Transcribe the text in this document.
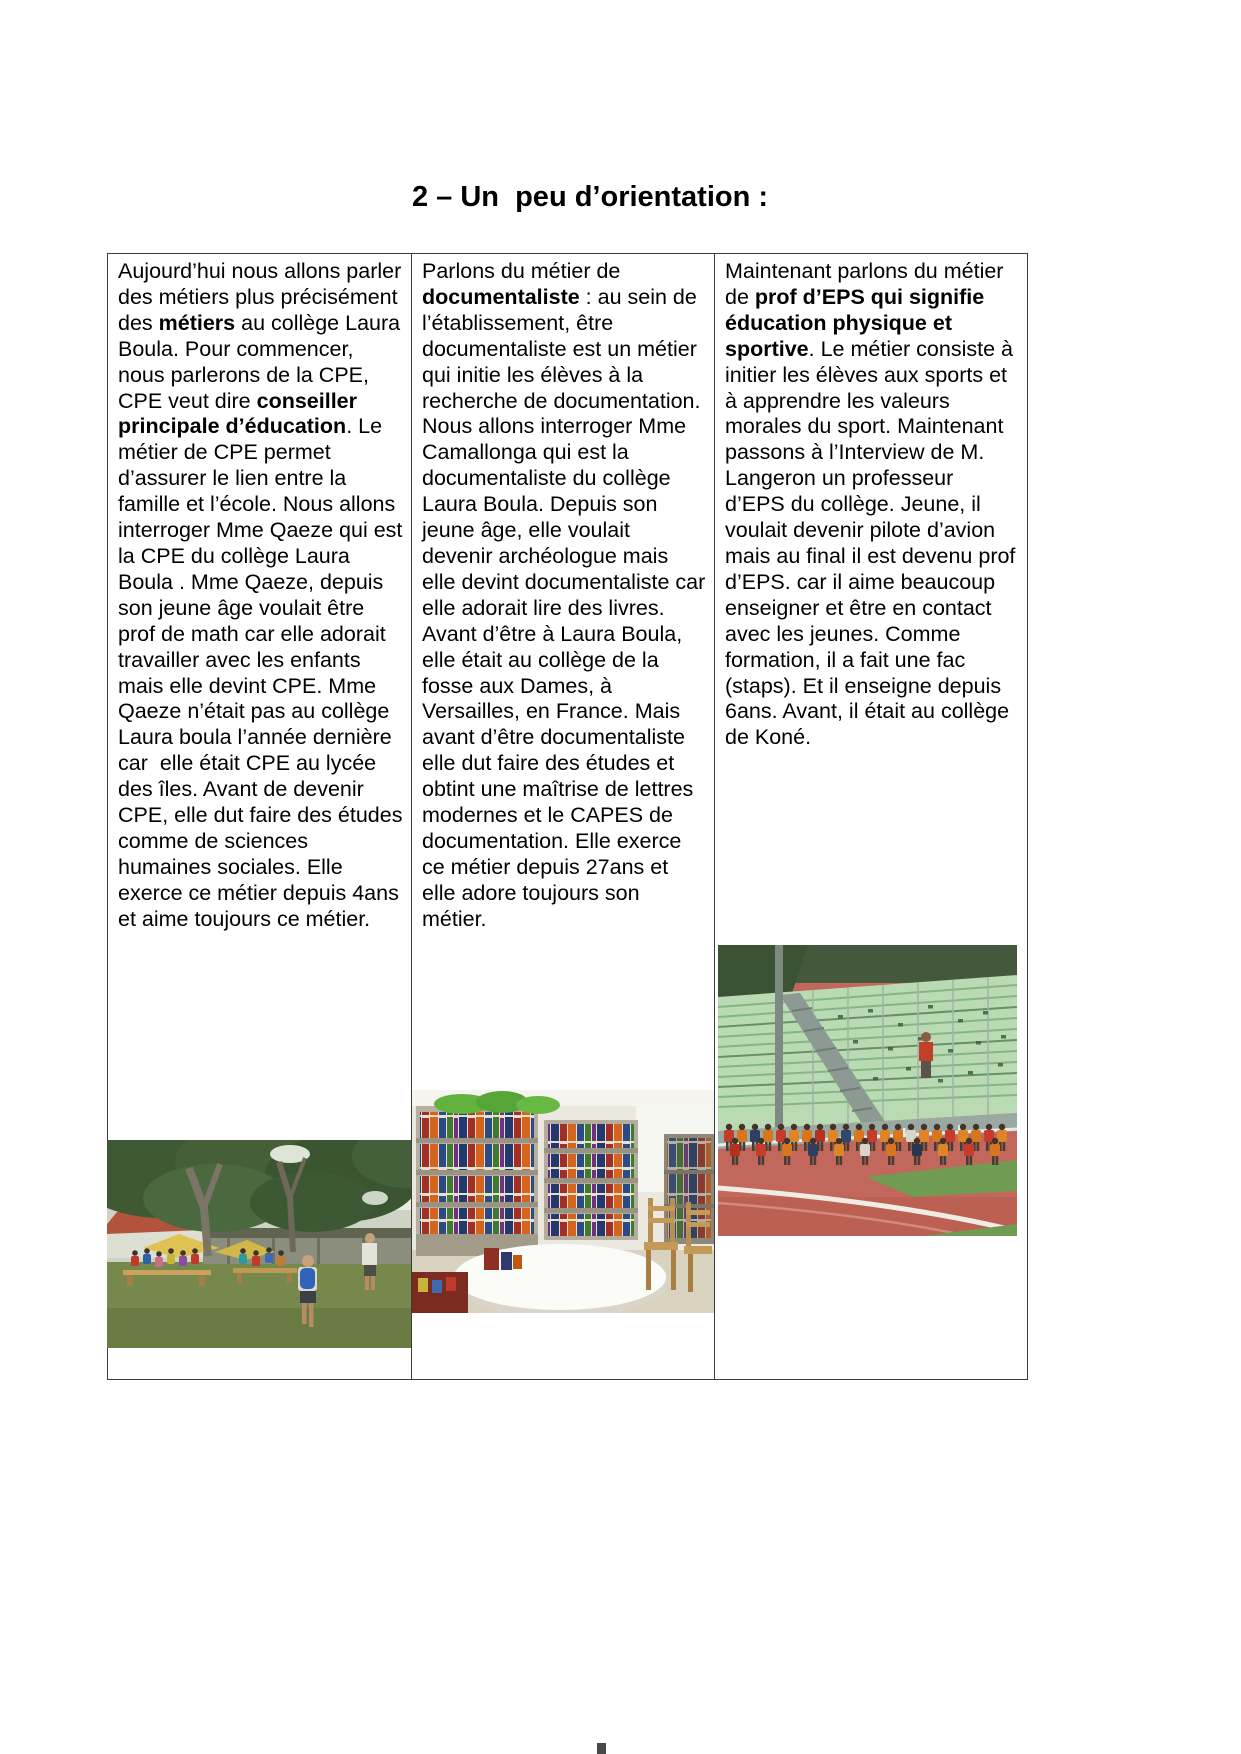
2 – Un  peu d’orientation :
Aujourd’hui nous allons parler des métiers plus précisément des métiers au collège Laura Boula. Pour commencer, nous parlerons de la CPE, CPE veut dire conseiller principale d’éducation. Le métier de CPE permet d’assurer le lien entre la famille et l’école. Nous allons interroger Mme Qaeze qui est la CPE du collège Laura Boula . Mme Qaeze, depuis son jeune âge voulait être prof de math car elle adorait travailler avec les enfants mais elle devint CPE. Mme Qaeze n’était pas au collège Laura boula l’année dernière car  elle était CPE au lycée des îles. Avant de devenir CPE, elle dut faire des études comme de sciences humaines sociales. Elle exerce ce métier depuis 4ans et aime toujours ce métier.
Parlons du métier de documentaliste : au sein de l’établissement, être documentaliste est un métier qui initie les élèves à la recherche de documentation. Nous allons interroger Mme Camallonga qui est la documentaliste du collège Laura Boula. Depuis son jeune âge, elle voulait devenir archéologue mais elle devint documentaliste car elle adorait lire des livres. Avant d’être à Laura Boula, elle était au collège de la fosse aux Dames, à Versailles, en France. Mais avant d’être documentaliste elle dut faire des études et obtint une maîtrise de lettres modernes et le CAPES de documentation. Elle exerce ce métier depuis 27ans et elle adore toujours son métier.
Maintenant parlons du métier de prof d’EPS qui signifie éducation physique et sportive. Le métier consiste à initier les élèves aux sports et à apprendre les valeurs morales du sport. Maintenant passons à l’Interview de M. Langeron un professeur d’EPS du collège. Jeune, il voulait devenir pilote d’avion mais au final il est devenu prof d’EPS. car il aime beaucoup enseigner et être en contact avec les jeunes. Comme formation, il a fait une fac (staps). Et il enseigne depuis 6ans. Avant, il était au collège de Koné.
